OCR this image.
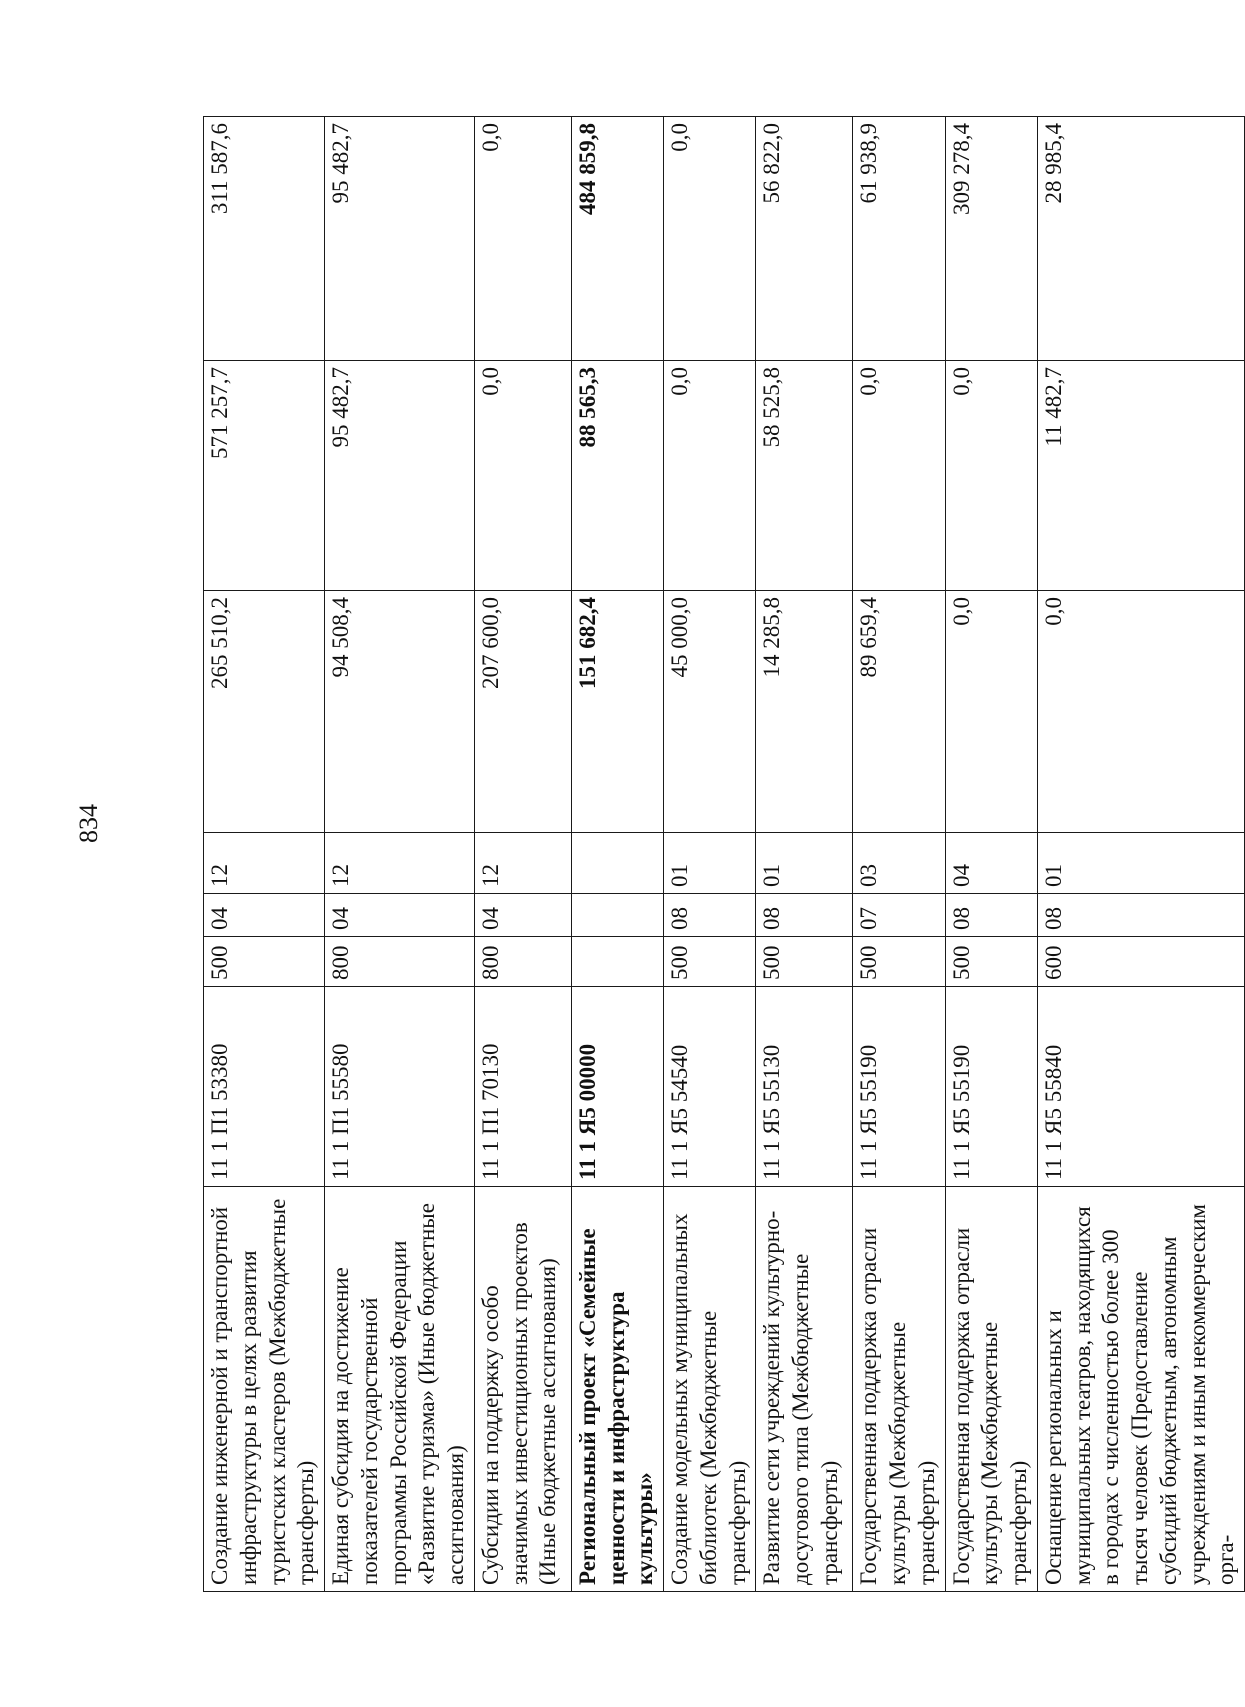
834
Создание инженерной и транспортной инфраструктуры в целях развития туристских кластеров (Межбюджетные трансферты)	11 1 П1 53380	500	04	12	265 510,2	571 257,7	311 587,6
Единая субсидия на достижение показателей государственной программы Российской Федерации «Развитие туризма» (Иные бюджетные ассигнования)	11 1 П1 55580	800	04	12	94 508,4	95 482,7	95 482,7
Субсидии на поддержку особо значимых инвестиционных проектов (Иные бюджетные ассигнования)	11 1 П1 70130	800	04	12	207 600,0	0,0	0,0
Региональный проект «Семейные ценности и инфраструктура культуры»	11 1 Я5 00000				151 682,4	88 565,3	484 859,8
Создание модельных муниципальных библиотек (Межбюджетные трансферты)	11 1 Я5 54540	500	08	01	45 000,0	0,0	0,0
Развитие сети учреждений культурно-досугового типа (Межбюджетные трансферты)	11 1 Я5 55130	500	08	01	14 285,8	58 525,8	56 822,0
Государственная поддержка отрасли культуры (Межбюджетные трансферты)	11 1 Я5 55190	500	07	03	89 659,4	0,0	61 938,9
Государственная поддержка отрасли культуры (Межбюджетные трансферты)	11 1 Я5 55190	500	08	04	0,0	0,0	309 278,4
Оснащение региональных и муниципальных театров, находящихся в городах с численностью более 300 тысяч человек (Предоставление субсидий бюджетным, автономным учреждениям и иным некоммерческим орга-	11 1 Я5 55840	600	08	01	0,0	11 482,7	28 985,4
